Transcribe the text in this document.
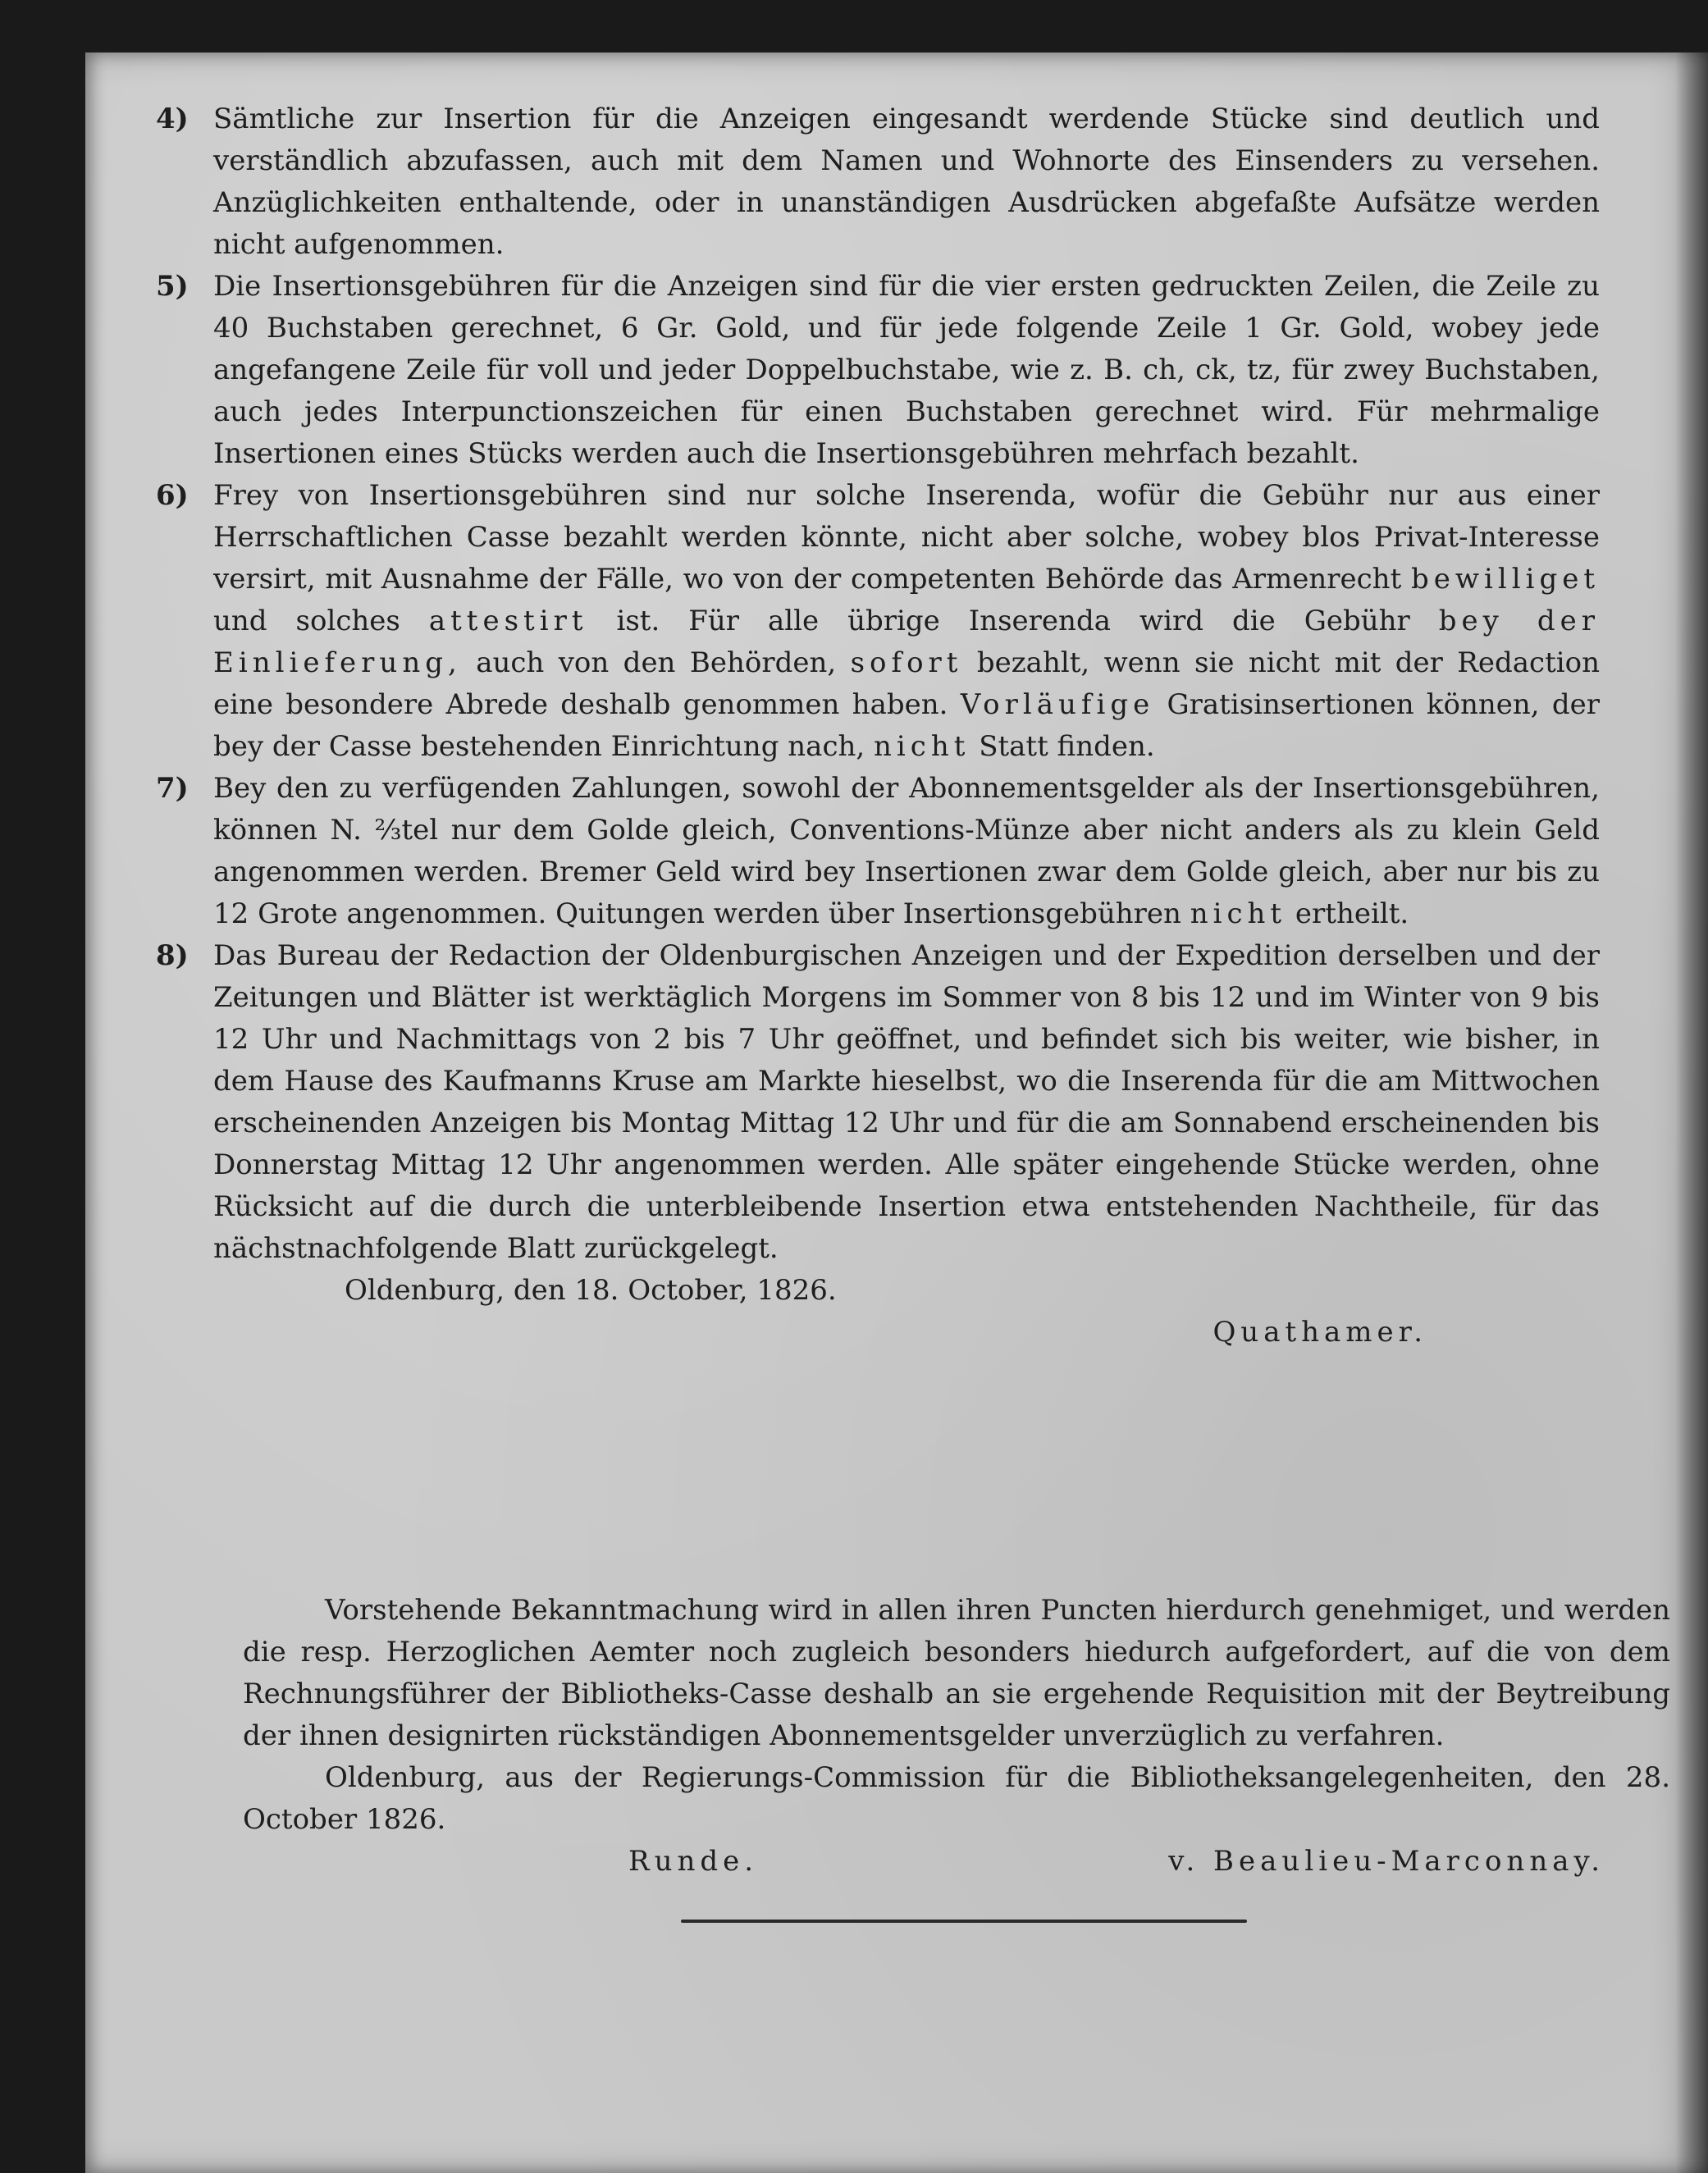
4) Sämtliche zur Insertion für die Anzeigen eingesandt werdende Stücke sind deutlich und verständlich abzufassen, auch mit dem Namen und Wohnorte des Einsenders zu versehen. Anzüglichkeiten enthaltende, oder in unanständigen Ausdrücken abgefaßte Aufsätze werden nicht aufgenommen.
5) Die Insertionsgebühren für die Anzeigen sind für die vier ersten gedruckten Zeilen, die Zeile zu 40 Buchstaben gerechnet, 6 Gr. Gold, und für jede folgende Zeile 1 Gr. Gold, wobey jede angefangene Zeile für voll und jeder Doppelbuchstabe, wie z. B. ch, ck, tz, für zwey Buchstaben, auch jedes Interpunctionszeichen für einen Buchstaben gerechnet wird. Für mehrmalige Insertionen eines Stücks werden auch die Insertionsgebühren mehrfach bezahlt.
6) Frey von Insertionsgebühren sind nur solche Inserenda, wofür die Gebühr nur aus einer Herrschaftlichen Casse bezahlt werden könnte, nicht aber solche, wobey blos Privat-Interesse versirt, mit Ausnahme der Fälle, wo von der competenten Behörde das Armenrecht bewilliget und solches attestirt ist. Für alle übrige Inserenda wird die Gebühr bey der Einlieferung, auch von den Behörden, sofort bezahlt, wenn sie nicht mit der Redaction eine besondere Abrede deshalb genommen haben. Vorläufige Gratisinsertionen können, der bey der Casse bestehenden Einrichtung nach, nicht Statt finden.
7) Bey den zu verfügenden Zahlungen, sowohl der Abonnementsgelder als der Insertionsgebühren, können N. ⅔tel nur dem Golde gleich, Conventions-Münze aber nicht anders als zu klein Geld angenommen werden. Bremer Geld wird bey Insertionen zwar dem Golde gleich, aber nur bis zu 12 Grote angenommen. Quitungen werden über Insertionsgebühren nicht ertheilt.
8) Das Bureau der Redaction der Oldenburgischen Anzeigen und der Expedition derselben und der Zeitungen und Blätter ist werktäglich Morgens im Sommer von 8 bis 12 und im Winter von 9 bis 12 Uhr und Nachmittags von 2 bis 7 Uhr geöffnet, und befindet sich bis weiter, wie bisher, in dem Hause des Kaufmanns Kruse am Markte hieselbst, wo die Inserenda für die am Mittwochen erscheinenden Anzeigen bis Montag Mittag 12 Uhr und für die am Sonnabend erscheinenden bis Donnerstag Mittag 12 Uhr angenommen werden. Alle später eingehende Stücke werden, ohne Rücksicht auf die durch die unterbleibende Insertion etwa entstehenden Nachtheile, für das nächstnachfolgende Blatt zurückgelegt.
Oldenburg, den 18. October, 1826.
Quathamer.
Vorstehende Bekanntmachung wird in allen ihren Puncten hierdurch genehmiget, und werden die resp. Herzoglichen Aemter noch zugleich besonders hiedurch aufgefordert, auf die von dem Rechnungsführer der Bibliotheks-Casse deshalb an sie ergehende Requisition mit der Beytreibung der ihnen designirten rückständigen Abonnementsgelder unverzüglich zu verfahren.
Oldenburg, aus der Regierungs-Commission für die Bibliotheksangelegenheiten, den 28. October 1826.
Runde.	v. Beaulieu-Marconnay.
